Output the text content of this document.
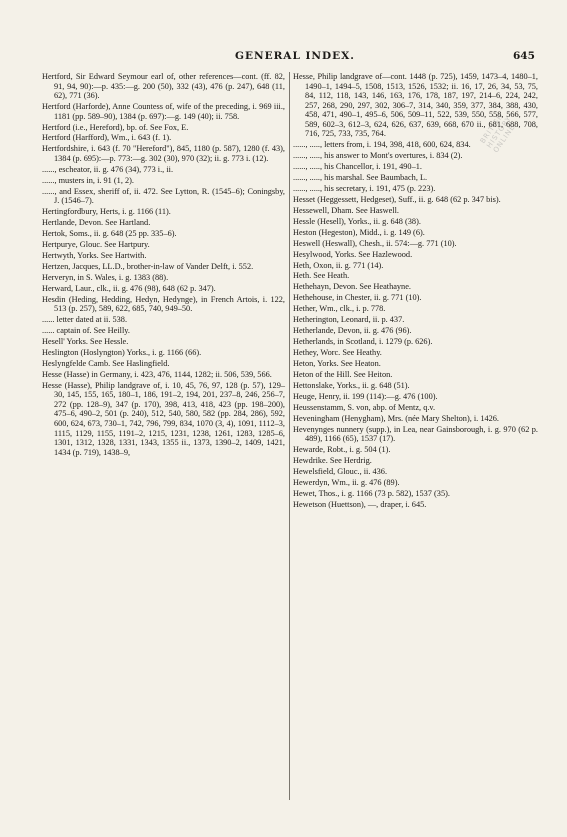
GENERAL INDEX.	645
BRITISH HISTORY ONLINE
Hertford, Sir Edward Seymour earl of, other references—cont. (ff. 82, 91, 94, 90):—p. 435:—g. 200 (50), 332 (43), 476 (p. 247), 648 (11, 62), 771 (36).
Hertford (Harforde), Anne Countess of, wife of the preceding, i. 969 iii., 1181 (pp. 589–90), 1384 (p. 697):—g. 149 (40); ii. 758.
Hertford (i.e., Hereford), bp. of. See Fox, E.
Hertford (Harfford), Wm., i. 643 (f. 1).
Hertfordshire, i. 643 (f. 70 "Hereford"), 845, 1180 (p. 587), 1280 (f. 43), 1384 (p. 695):—p. 773:—g. 302 (30), 970 (32); ii. g. 773 i. (12).
......, escheator, ii. g. 476 (34), 773 i., ii.
......, musters in, i. 91 (1, 2).
......, and Essex, sheriff of, ii. 472. See Lytton, R. (1545–6); Coningsby, J. (1546–7).
Hertingfordbury, Herts, i. g. 1166 (11).
Hertlande, Devon. See Hartland.
Hertok, Soms., ii. g. 648 (25 pp. 335–6).
Hertpurye, Glouc. See Hartpury.
Hertwyth, Yorks. See Hartwith.
Hertzen, Jacques, LL.D., brother-in-law of Vander Delft, i. 552.
Herveryn, in S. Wales, i. g. 1383 (88).
Herward, Laur., clk., ii. g. 476 (98), 648 (62 p. 347).
Hesdin (Heding, Hedding, Hedyn, Hedynge), in French Artois, i. 122, 513 (p. 257), 589, 622, 685, 740, 949–50.
...... letter dated at ii. 538.
...... captain of. See Heilly.
Hesell' Yorks. See Hessle.
Heslington (Hoslyngton) Yorks., i. g. 1166 (66).
Heslyngfelde Camb. See Haslingfield.
Hesse (Hasse) in Germany, i. 423, 476, 1144, 1282; ii. 506, 539, 566.
Hesse (Hasse), Philip landgrave of, i. 10, 45, 76, 97, 128 (p. 57), 129–30, 145, 155, 165, 180–1, 186, 191–2, 194, 201, 237–8, 246, 256–7, 272 (pp. 128–9), 347 (p. 170), 398, 413, 418, 423 (pp. 198–200), 475–6, 490–2, 501 (p. 240), 512, 540, 580, 582 (pp. 284, 286), 592, 600, 624, 673, 730–1, 742, 796, 799, 834, 1070 (3, 4), 1091, 1112–3, 1115, 1129, 1155, 1191–2, 1215, 1231, 1238, 1261, 1283, 1285–6, 1301, 1312, 1328, 1331, 1343, 1355 ii., 1373, 1390–2, 1409, 1421, 1434 (p. 719), 1438–9,
Hesse, Philip landgrave of—cont. 1448 (p. 725), 1459, 1473–4, 1480–1, 1490–1, 1494–5, 1508, 1513, 1526, 1532; ii. 16, 17, 26, 34, 53, 75, 84, 112, 118, 143, 146, 163, 176, 178, 187, 197, 214–6, 224, 242, 257, 268, 290, 297, 302, 306–7, 314, 340, 359, 377, 384, 388, 430, 458, 471, 490–1, 495–6, 506, 509–11, 522, 539, 550, 558, 566, 577, 589, 602–3, 612–3, 624, 626, 637, 639, 668, 670 ii., 681, 688, 708, 716, 725, 733, 735, 764.
......, ....., letters from, i. 194, 398, 418, 600, 624, 834.
......, ....., his answer to Mont's overtures, i. 834 (2).
......, ....., his Chancellor, i. 191, 490–1.
......, ....., his marshal. See Baumbach, L.
......, ....., his secretary, i. 191, 475 (p. 223).
Hesset (Heggessett, Hedgeset), Suff., ii. g. 648 (62 p. 347 bis).
Hessewell, Dham. See Haswell.
Hessle (Hesell), Yorks., ii. g. 648 (38).
Heston (Hegeston), Midd., i. g. 149 (6).
Heswell (Heswall), Chesh., ii. 574:—g. 771 (10).
Hesylwood, Yorks. See Hazlewood.
Heth, Oxon, ii. g. 771 (14).
Heth. See Heath.
Hethehayn, Devon. See Heathayne.
Hethehouse, in Chester, ii. g. 771 (10).
Hether, Wm., clk., i. p. 778.
Hetherington, Leonard, ii. p. 437.
Hetherlande, Devon, ii. g. 476 (96).
Hetherlands, in Scotland, i. 1279 (p. 626).
Hethey, Worc. See Heathy.
Heton, Yorks. See Heaton.
Heton of the Hill. See Heiton.
Hettonslake, Yorks., ii. g. 648 (51).
Heuge, Henry, ii. 199 (114):—g. 476 (100).
Heussenstamm, S. von, abp. of Mentz, q.v.
Heveningham (Henygham), Mrs. (née Mary Shelton), i. 1426.
Hevenynges nunnery (supp.), in Lea, near Gainsborough, i. g. 970 (62 p. 489), 1166 (65), 1537 (17).
Hewarde, Robt., i. g. 504 (1).
Hewdrike. See Herdrig.
Hewelsfield, Glouc., ii. 436.
Hewerdyn, Wm., ii. g. 476 (89).
Hewet, Thos., i. g. 1166 (73 p. 582), 1537 (35).
Hewetson (Huettson), —, draper, i. 645.
